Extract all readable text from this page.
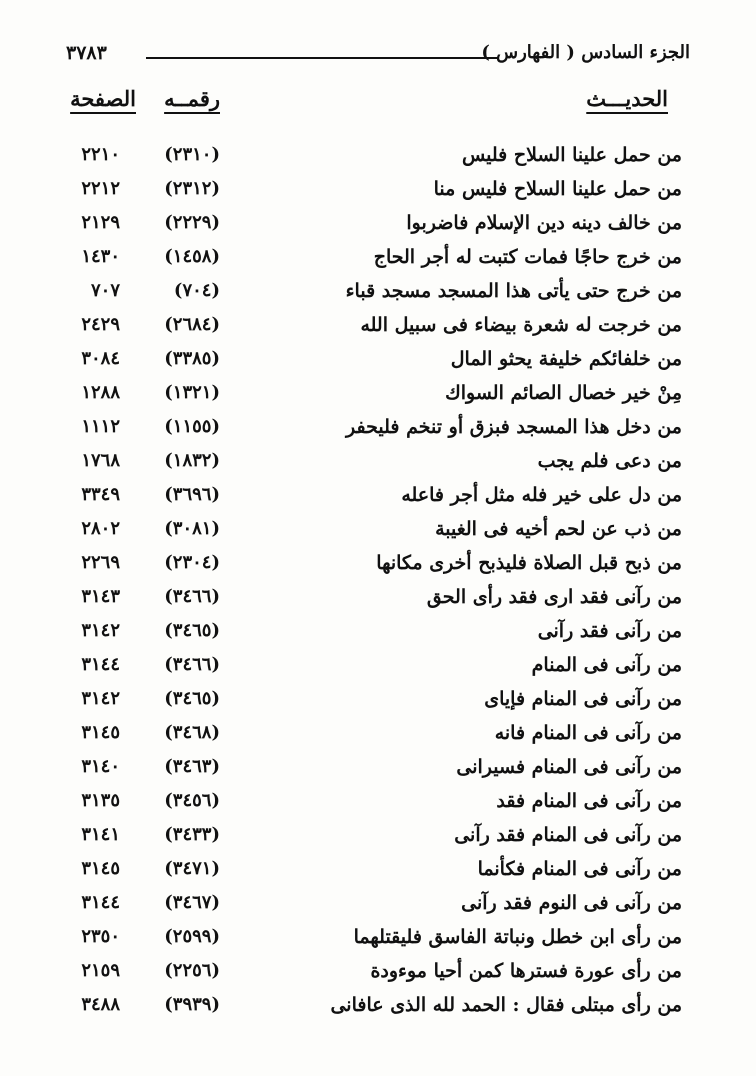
٣٧٨٣	الجزء السادس ( الفهارس )
الحديـــث
رقمــه
الصفحة
من حمل علينا السلاح فليس
(٢٣١٠)
٢٢١٠
من حمل علينا السلاح فليس منا
(٢٣١٢)
٢٢١٢
من خالف دينه دين الإسلام فاضربوا
(٢٢٢٩)
٢١٢٩
من خرج حاجًا فمات كتبت له أجر الحاج
(١٤٥٨)
١٤٣٠
من خرج حتى يأتى هذا المسجد مسجد قباء
(٧٠٤)
٧٠٧
من خرجت له شعرة بيضاء فى سبيل الله
(٢٦٨٤)
٢٤٢٩
من خلفائكم خليفة يحثو المال
(٣٣٨٥)
٣٠٨٤
مِنْ خير خصال الصائم السواك
(١٣٢١)
١٢٨٨
من دخل هذا المسجد فبزق أو تنخم فليحفر
(١١٥٥)
١١١٢
من دعى فلم يجب
(١٨٣٢)
١٧٦٨
من دل على خير فله مثل أجر فاعله
(٣٦٩٦)
٣٣٤٩
من ذب عن لحم أخيه فى الغيبة
(٣٠٨١)
٢٨٠٢
من ذبح قبل الصلاة فليذبح أخرى مكانها
(٢٣٠٤)
٢٢٦٩
من رآنى فقد ارى فقد رأى الحق
(٣٤٦٦)
٣١٤٣
من رآنى فقد رآنى
(٣٤٦٥)
٣١٤٢
من رآنى فى المنام
(٣٤٦٦)
٣١٤٤
من رآنى فى المنام فإياى
(٣٤٦٥)
٣١٤٢
من رآنى فى المنام فانه
(٣٤٦٨)
٣١٤٥
من رآنى فى المنام فسيرانى
(٣٤٦٣)
٣١٤٠
من رآنى فى المنام فقد
(٣٤٥٦)
٣١٣٥
من رآنى فى المنام فقد رآنى
(٣٤٣٣)
٣١٤١
من رآنى فى المنام فكأنما
(٣٤٧١)
٣١٤٥
من رآنى فى النوم فقد رآنى
(٣٤٦٧)
٣١٤٤
من رأى ابن خطل ونباتة الفاسق فليقتلهما
(٢٥٩٩)
٢٣٥٠
من رأى عورة فسترها كمن أحيا موءودة
(٢٢٥٦)
٢١٥٩
من رأى مبتلى فقال : الحمد لله الذى عافانى
(٣٩٣٩)
٣٤٨٨
